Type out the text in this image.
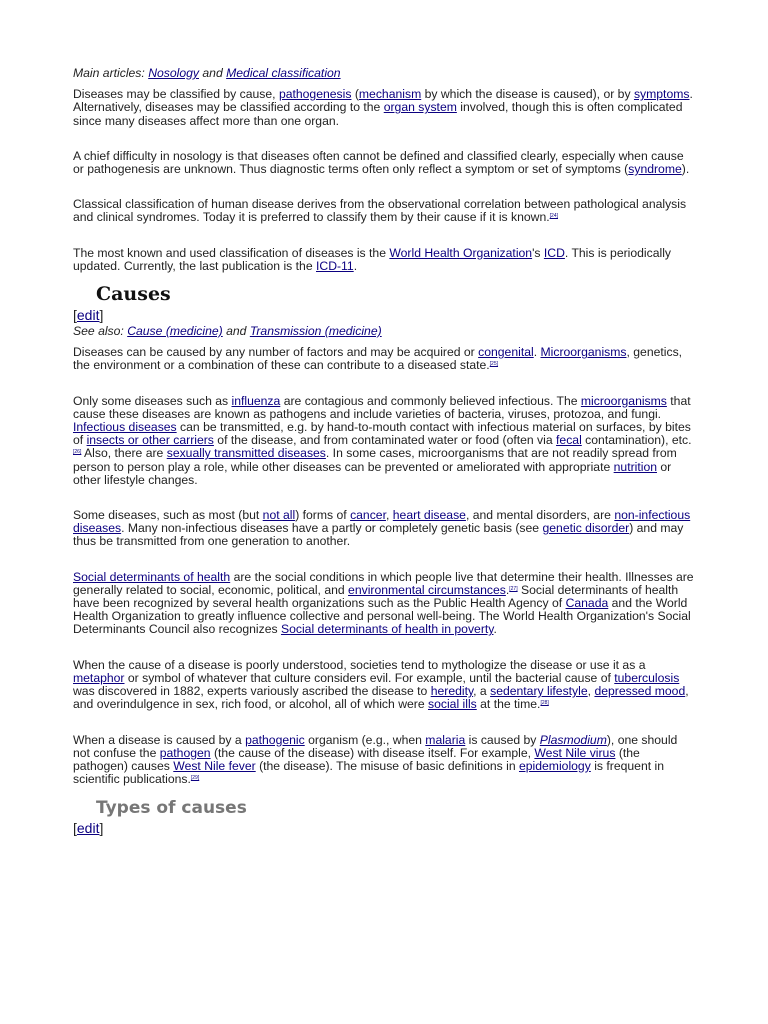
Main articles: Nosology and Medical classification

Diseases may be classified by cause, pathogenesis (mechanism by which the disease is caused), or by symptoms. Alternatively, diseases may be classified according to the organ system involved, though this is often complicated since many diseases affect more than one organ.

A chief difficulty in nosology is that diseases often cannot be defined and classified clearly, especially when cause or pathogenesis are unknown. Thus diagnostic terms often only reflect a symptom or set of symptoms (syndrome).

Classical classification of human disease derives from the observational correlation between pathological analysis and clinical syndromes. Today it is preferred to classify them by their cause if it is known.[24]

The most known and used classification of diseases is the World Health Organization's ICD. This is periodically updated. Currently, the last publication is the ICD-11.

Causes

[edit]

See also: Cause (medicine) and Transmission (medicine)

Diseases can be caused by any number of factors and may be acquired or congenital. Microorganisms, genetics, the environment or a combination of these can contribute to a diseased state.[25]

Only some diseases such as influenza are contagious and commonly believed infectious. The microorganisms that cause these diseases are known as pathogens and include varieties of bacteria, viruses, protozoa, and fungi. Infectious diseases can be transmitted, e.g. by hand-to-mouth contact with infectious material on surfaces, by bites of insects or other carriers of the disease, and from contaminated water or food (often via fecal contamination), etc.[26] Also, there are sexually transmitted diseases. In some cases, microorganisms that are not readily spread from person to person play a role, while other diseases can be prevented or ameliorated with appropriate nutrition or other lifestyle changes.

Some diseases, such as most (but not all) forms of cancer, heart disease, and mental disorders, are non-infectious diseases. Many non-infectious diseases have a partly or completely genetic basis (see genetic disorder) and may thus be transmitted from one generation to another.

Social determinants of health are the social conditions in which people live that determine their health. Illnesses are generally related to social, economic, political, and environmental circumstances.[27] Social determinants of health have been recognized by several health organizations such as the Public Health Agency of Canada and the World Health Organization to greatly influence collective and personal well-being. The World Health Organization's Social Determinants Council also recognizes Social determinants of health in poverty.

When the cause of a disease is poorly understood, societies tend to mythologize the disease or use it as a metaphor or symbol of whatever that culture considers evil. For example, until the bacterial cause of tuberculosis was discovered in 1882, experts variously ascribed the disease to heredity, a sedentary lifestyle, depressed mood, and overindulgence in sex, rich food, or alcohol, all of which were social ills at the time.[28]

When a disease is caused by a pathogenic organism (e.g., when malaria is caused by Plasmodium), one should not confuse the pathogen (the cause of the disease) with disease itself. For example, West Nile virus (the pathogen) causes West Nile fever (the disease). The misuse of basic definitions in epidemiology is frequent in scientific publications.[29]

Types of causes

[edit]
